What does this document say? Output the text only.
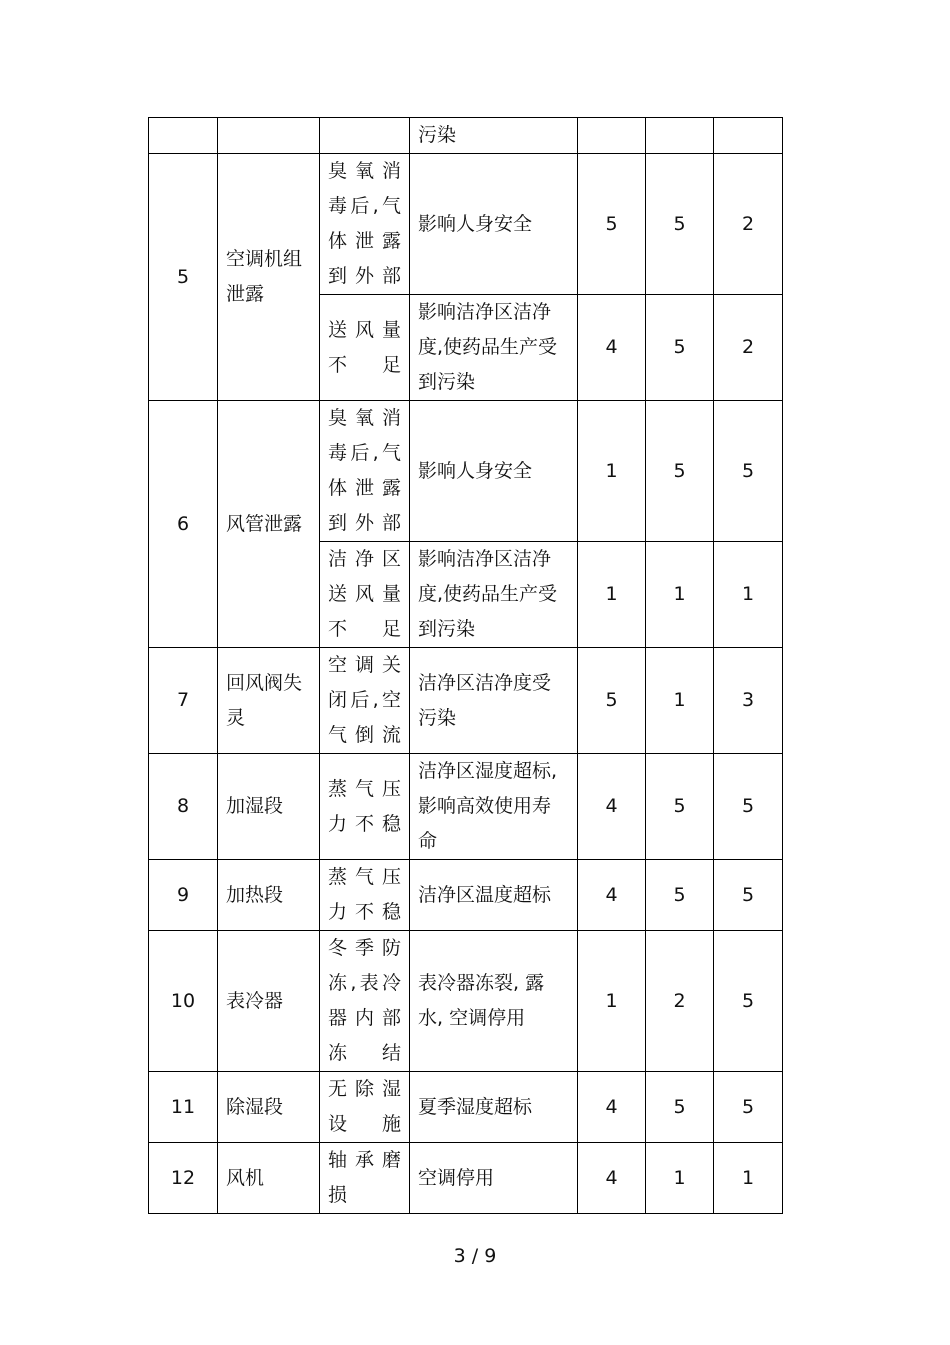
			污染			
5	空调机组泄露	臭氧消毒后,气体泄露到外部	影响人身安全	5	5	2
		送风量不足	影响洁净区洁净度,使药品生产受到污染	4	5	2
6	风管泄露	臭氧消毒后,气体泄露到外部	影响人身安全	1	5	5
		洁净区送风量不足	影响洁净区洁净度,使药品生产受到污染	1	1	1
7	回风阀失灵	空调关闭后,空气倒流	洁净区洁净度受污染	5	1	3
8	加湿段	蒸气压力不稳	洁净区湿度超标,影响高效使用寿命	4	5	5
9	加热段	蒸气压力不稳	洁净区温度超标	4	5	5
10	表冷器	冬季防冻,表冷器内部冻结	表冷器冻裂, 露水, 空调停用	1	2	5
11	除湿段	无除湿设施	夏季湿度超标	4	5	5
12	风机	轴承磨损	空调停用	4	1	1
3 / 9
